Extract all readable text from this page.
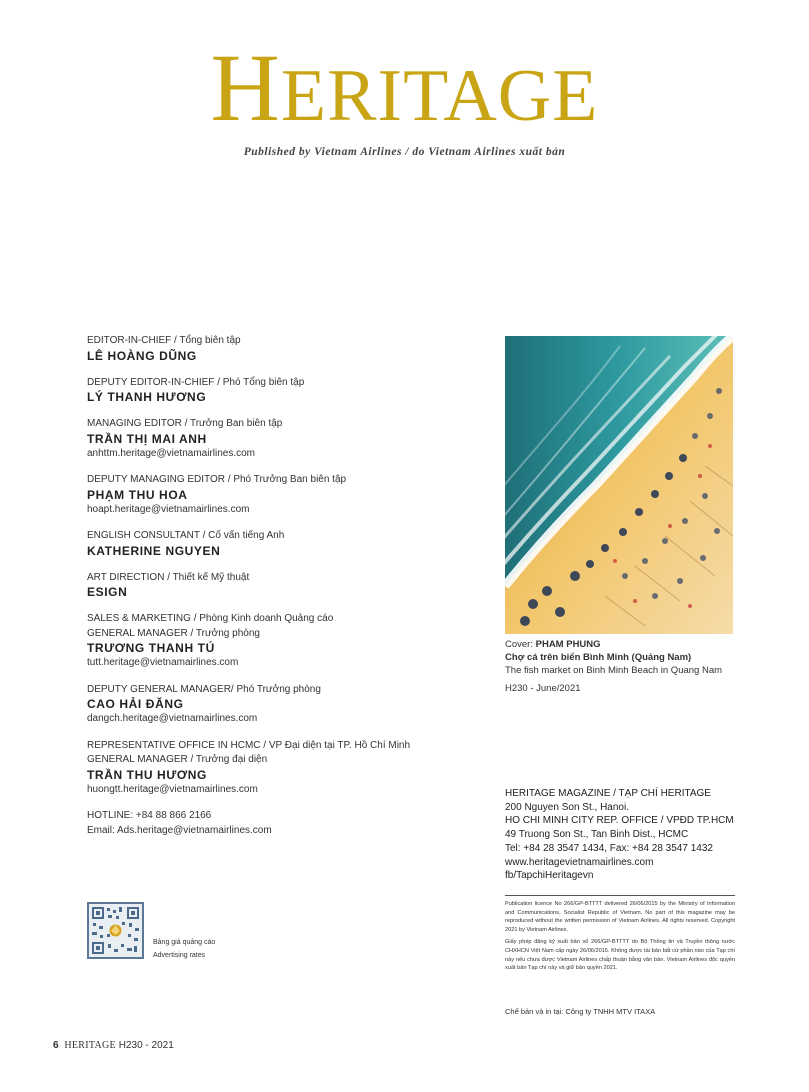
HERITAGE
Published by Vietnam Airlines / do Vietnam Airlines xuất bản
EDITOR-IN-CHIEF / Tổng biên tập
LÊ HOÀNG DŨNG
DEPUTY EDITOR-IN-CHIEF / Phó Tổng biên tập
LÝ THANH HƯƠNG
MANAGING EDITOR / Trưởng Ban biên tập
TRẦN THỊ MAI ANH
anhttm.heritage@vietnamairlines.com
DEPUTY MANAGING EDITOR / Phó Trưởng Ban biên tập
PHẠM THU HOA
hoapt.heritage@vietnamairlines.com
ENGLISH CONSULTANT / Cố vấn tiếng Anh
KATHERINE NGUYEN
ART DIRECTION / Thiết kế Mỹ thuật
ESIGN
SALES & MARKETING / Phòng Kinh doanh Quảng cáo
GENERAL MANAGER / Trưởng phòng
TRƯƠNG THANH TÚ
tutt.heritage@vietnamairlines.com
DEPUTY GENERAL MANAGER/ Phó Trưởng phòng
CAO HẢI ĐĂNG
dangch.heritage@vietnamairlines.com
REPRESENTATIVE OFFICE IN HCMC / VP Đại diện tại TP. Hồ Chí Minh
GENERAL MANAGER / Trưởng đại diện
TRẦN THU HƯƠNG
huongtt.heritage@vietnamairlines.com
HOTLINE: +84 88 866 2166
Email: Ads.heritage@vietnamairlines.com
Bảng giá quảng cáo
Advertising rates
Cover: PHAM PHUNG
Chợ cá trên biển Bình Minh (Quảng Nam)
The fish market on Binh Minh Beach in Quang Nam
H230 - June/2021
HERITAGE MAGAZINE / TẠP CHÍ HERITAGE
200 Nguyen Son St., Hanoi.
HO CHI MINH CITY REP. OFFICE / VPĐD TP.HCM
49 Truong Son St., Tan Binh Dist., HCMC
Tel: +84 28 3547 1434, Fax: +84 28 3547 1432
www.heritagevietnamairlines.com
fb/TapchiHeritagevn

Publication licence No 266/GP-BTTTT delivered 26/06/2015 by the Ministry of Information and Communications, Socialist Republic of Vietnam. No part of this magazine may be reproduced without the written permission of Vietnam Airlines. All rights reserved. Copyright 2021 by Vietnam Airlines.

Giấy phép đăng ký xuất bản số 266/GP-BTTTT do Bộ Thông tin và Truyền thông nước CHXHCN Việt Nam cấp ngày 26/06/2015. Không được tái bản bất cứ phần nào của Tạp chí này nếu chưa được Vietnam Airlines chấp thuận bằng văn bản. Vietnam Airlines độc quyền xuất bản Tạp chí này và giữ bản quyền 2021.

Chế bản và in tại: Công ty TNHH MTV ITAXA
6 HERITAGE H230 - 2021
